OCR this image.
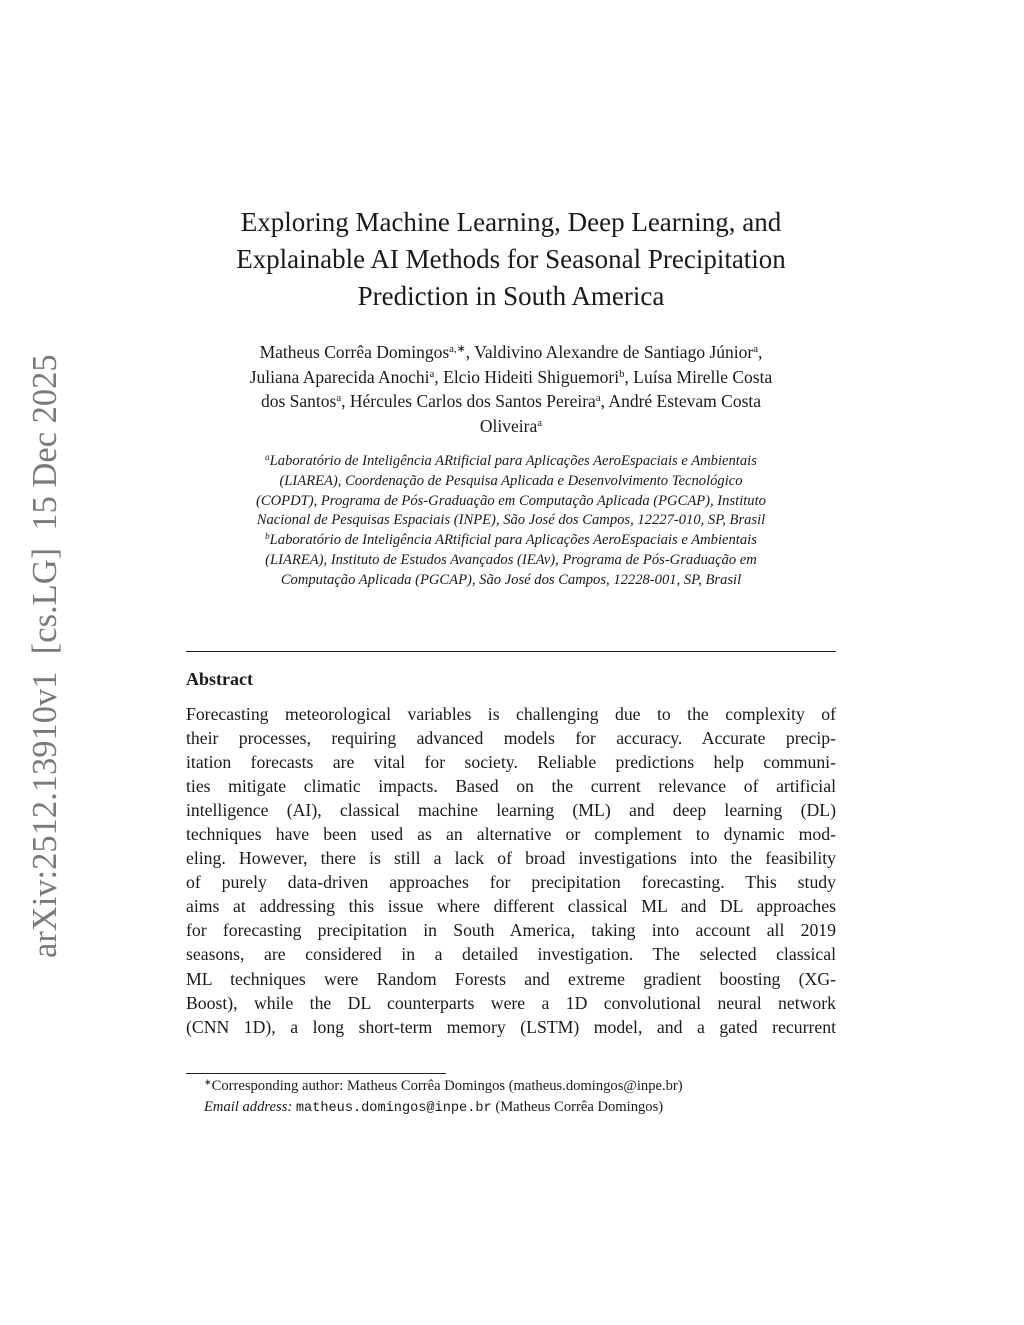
arXiv:2512.13910v1  [cs.LG]  15 Dec 2025
Exploring Machine Learning, Deep Learning, and
Explainable AI Methods for Seasonal Precipitation
Prediction in South America
Matheus Corrêa Domingos$^{a,∗}$, Valdivino Alexandre de Santiago Júnior$^a$,
Juliana Aparecida Anochi$^a$, Elcio Hideiti Shiguemori$^b$, Luísa Mirelle Costa
dos Santos$^a$, Hércules Carlos dos Santos Pereira$^a$, André Estevam Costa
Oliveira$^a$
$^a$Laboratório de Inteligência ARtificial para Aplicações AeroEspaciais e Ambientais
(LIAREA), Coordenação de Pesquisa Aplicada e Desenvolvimento Tecnológico
(COPDT), Programa de Pós-Graduação em Computação Aplicada (PGCAP), Instituto
Nacional de Pesquisas Espaciais (INPE), São José dos Campos, 12227-010, SP, Brasil
$^b$Laboratório de Inteligência ARtificial para Aplicações AeroEspaciais e Ambientais
(LIAREA), Instituto de Estudos Avançados (IEAv), Programa de Pós-Graduação em
Computação Aplicada (PGCAP), São José dos Campos, 12228-001, SP, Brasil
Abstract
Forecasting meteorological variables is challenging due to the complexity of
their processes, requiring advanced models for accuracy. Accurate precip-
itation forecasts are vital for society. Reliable predictions help communi-
ties mitigate climatic impacts. Based on the current relevance of artificial
intelligence (AI), classical machine learning (ML) and deep learning (DL)
techniques have been used as an alternative or complement to dynamic mod-
eling. However, there is still a lack of broad investigations into the feasibility
of purely data-driven approaches for precipitation forecasting. This study
aims at addressing this issue where different classical ML and DL approaches
for forecasting precipitation in South America, taking into account all 2019
seasons, are considered in a detailed investigation. The selected classical
ML techniques were Random Forests and extreme gradient boosting (XG-
Boost), while the DL counterparts were a 1D convolutional neural network
(CNN 1D), a long short-term memory (LSTM) model, and a gated recurrent
∗Corresponding author: Matheus Corrêa Domingos (matheus.domingos@inpe.br)
Email address: matheus.domingos@inpe.br (Matheus Corrêa Domingos)
